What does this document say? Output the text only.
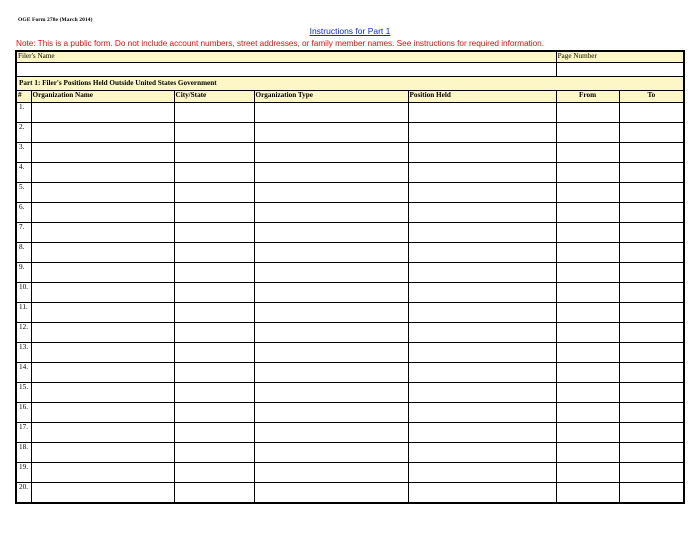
OGE Form 278e (March 2014)
Instructions for Part 1
Note: This is a public form. Do not include account numbers, street addresses, or family member names. See instructions for required information.
Filer's Name					Page Number	

Part 1: Filer's Positions Held Outside United States Government						
#	Organization Name	City/State	Organization Type	Position Held	From	To
1.						
2.						
3.						
4.						
5.						
6.						
7.						
8.						
9.						
10.						
11.						
12.						
13.						
14.						
15.						
16.						
17.						
18.						
19.						
20.						
